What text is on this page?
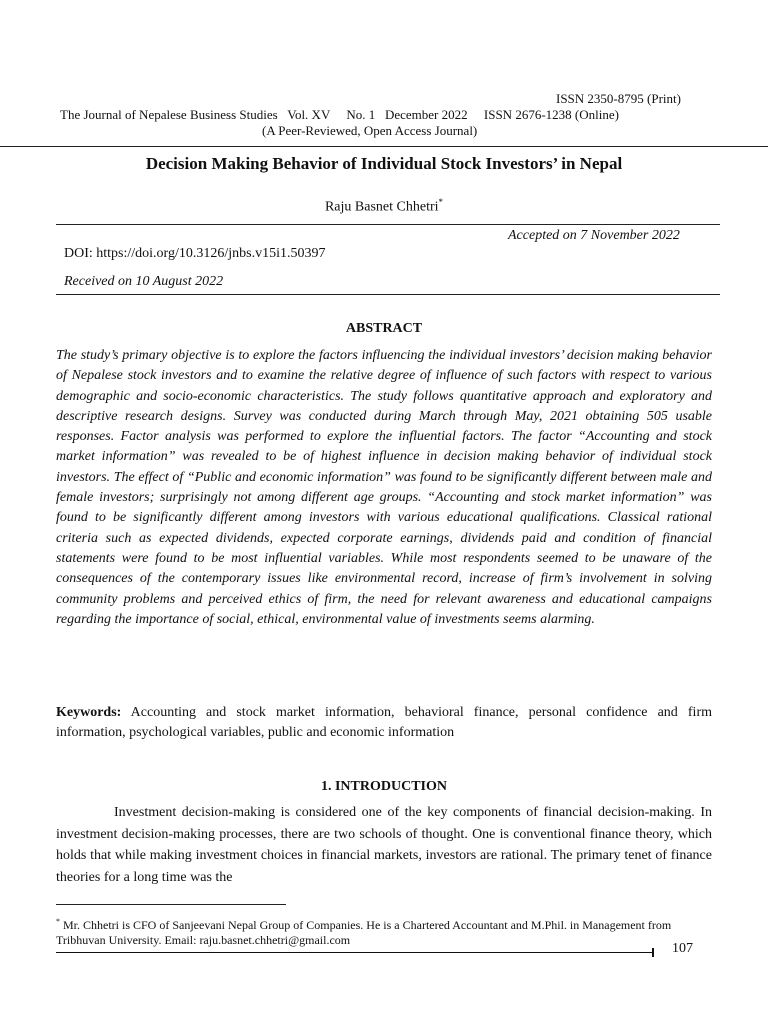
ISSN 2350-8795 (Print)
The Journal of Nepalese Business Studies   Vol. XV     No. 1   December 2022     ISSN 2676-1238 (Online)
(A Peer-Reviewed, Open Access Journal)
Decision Making Behavior of Individual Stock Investors’ in Nepal
Raju Basnet Chhetri*
Accepted on 7 November 2022
DOI: https://doi.org/10.3126/jnbs.v15i1.50397
Received on 10 August 2022
ABSTRACT
The study’s primary objective is to explore the factors influencing the individual investors’ decision making behavior of Nepalese stock investors and to examine the relative degree of influence of such factors with respect to various demographic and socio-economic characteristics. The study follows quantitative approach and exploratory and descriptive research designs. Survey was conducted during March through May, 2021 obtaining 505 usable responses. Factor analysis was performed to explore the influential factors. The factor “Accounting and stock market information” was revealed to be of highest influence in decision making behavior of individual stock investors. The effect of “Public and economic information” was found to be significantly different between male and female investors; surprisingly not among different age groups. “Accounting and stock market information” was found to be significantly different among investors with various educational qualifications. Classical rational criteria such as expected dividends, expected corporate earnings, dividends paid and condition of financial statements were found to be most influential variables. While most respondents seemed to be unaware of the consequences of the contemporary issues like environmental record, increase of firm’s involvement in solving community problems and perceived ethics of firm, the need for relevant awareness and educational campaigns regarding the importance of social, ethical, environmental value of investments seems alarming.
Keywords: Accounting and stock market information, behavioral finance, personal confidence and firm information, psychological variables, public and economic information
1. INTRODUCTION
Investment decision-making is considered one of the key components of financial decision-making. In investment decision-making processes, there are two schools of thought. One is conventional finance theory, which holds that while making investment choices in financial markets, investors are rational. The primary tenet of finance theories for a long time was the
* Mr. Chhetri is CFO of Sanjeevani Nepal Group of Companies. He is a Chartered Accountant and M.Phil. in Management from Tribhuvan University. Email: raju.basnet.chhetri@gmail.com
107
